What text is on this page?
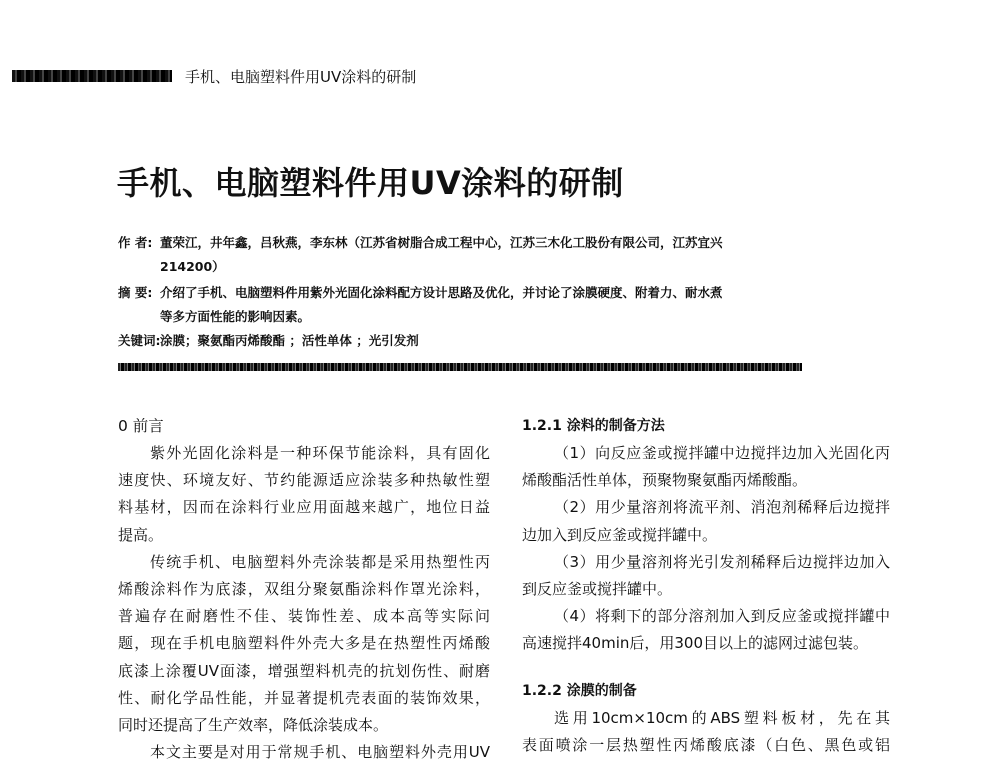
手机、电脑塑料件用UV涂料的研制
手机、电脑塑料件用UV涂料的研制
作 者: 董荣江，井年鑫，吕秋燕，李东林（江苏省树脂合成工程中心，江苏三木化工股份有限公司，江苏宜兴
214200）
摘 要: 介绍了手机、电脑塑料件用紫外光固化涂料配方设计思路及优化，并讨论了涂膜硬度、附着力、耐水煮
等多方面性能的影响因素。
关键词: 涂膜；聚氨酯丙烯酸酯 ；活性单体 ；光引发剂
0 前言
紫外光固化涂料是一种环保节能涂料，具有固化
速度快、环境友好、节约能源适应涂装多种热敏性塑
料基材，因而在涂料行业应用面越来越广，地位日益
提高。
传统手机、电脑塑料外壳涂装都是采用热塑性丙
烯酸涂料作为底漆，双组分聚氨酯涂料作罩光涂料，
普遍存在耐磨性不佳、装饰性差、成本高等实际问
题，现在手机电脑塑料件外壳大多是在热塑性丙烯酸
底漆上涂覆UV面漆，增强塑料机壳的抗划伤性、耐磨
性、耐化学品性能，并显著提机壳表面的装饰效果，
同时还提高了生产效率，降低涂装成本。
本文主要是对用于常规手机、电脑塑料外壳用UV
1.2.1 涂料的制备方法
（1）向反应釜或搅拌罐中边搅拌边加入光固化丙
烯酸酯活性单体，预聚物聚氨酯丙烯酸酯。
（2）用少量溶剂将流平剂、消泡剂稀释后边搅拌
边加入到反应釜或搅拌罐中。
（3）用少量溶剂将光引发剂稀释后边搅拌边加入
到反应釜或搅拌罐中。
（4）将剩下的部分溶剂加入到反应釜或搅拌罐中
高速搅拌40min后，用300目以上的滤网过滤包装。
1.2.2 涂膜的制备
选用10cm×10cm的ABS塑料板材，先在其
表面喷涂一层热塑性丙烯酸底漆（白色、黑色或铝
